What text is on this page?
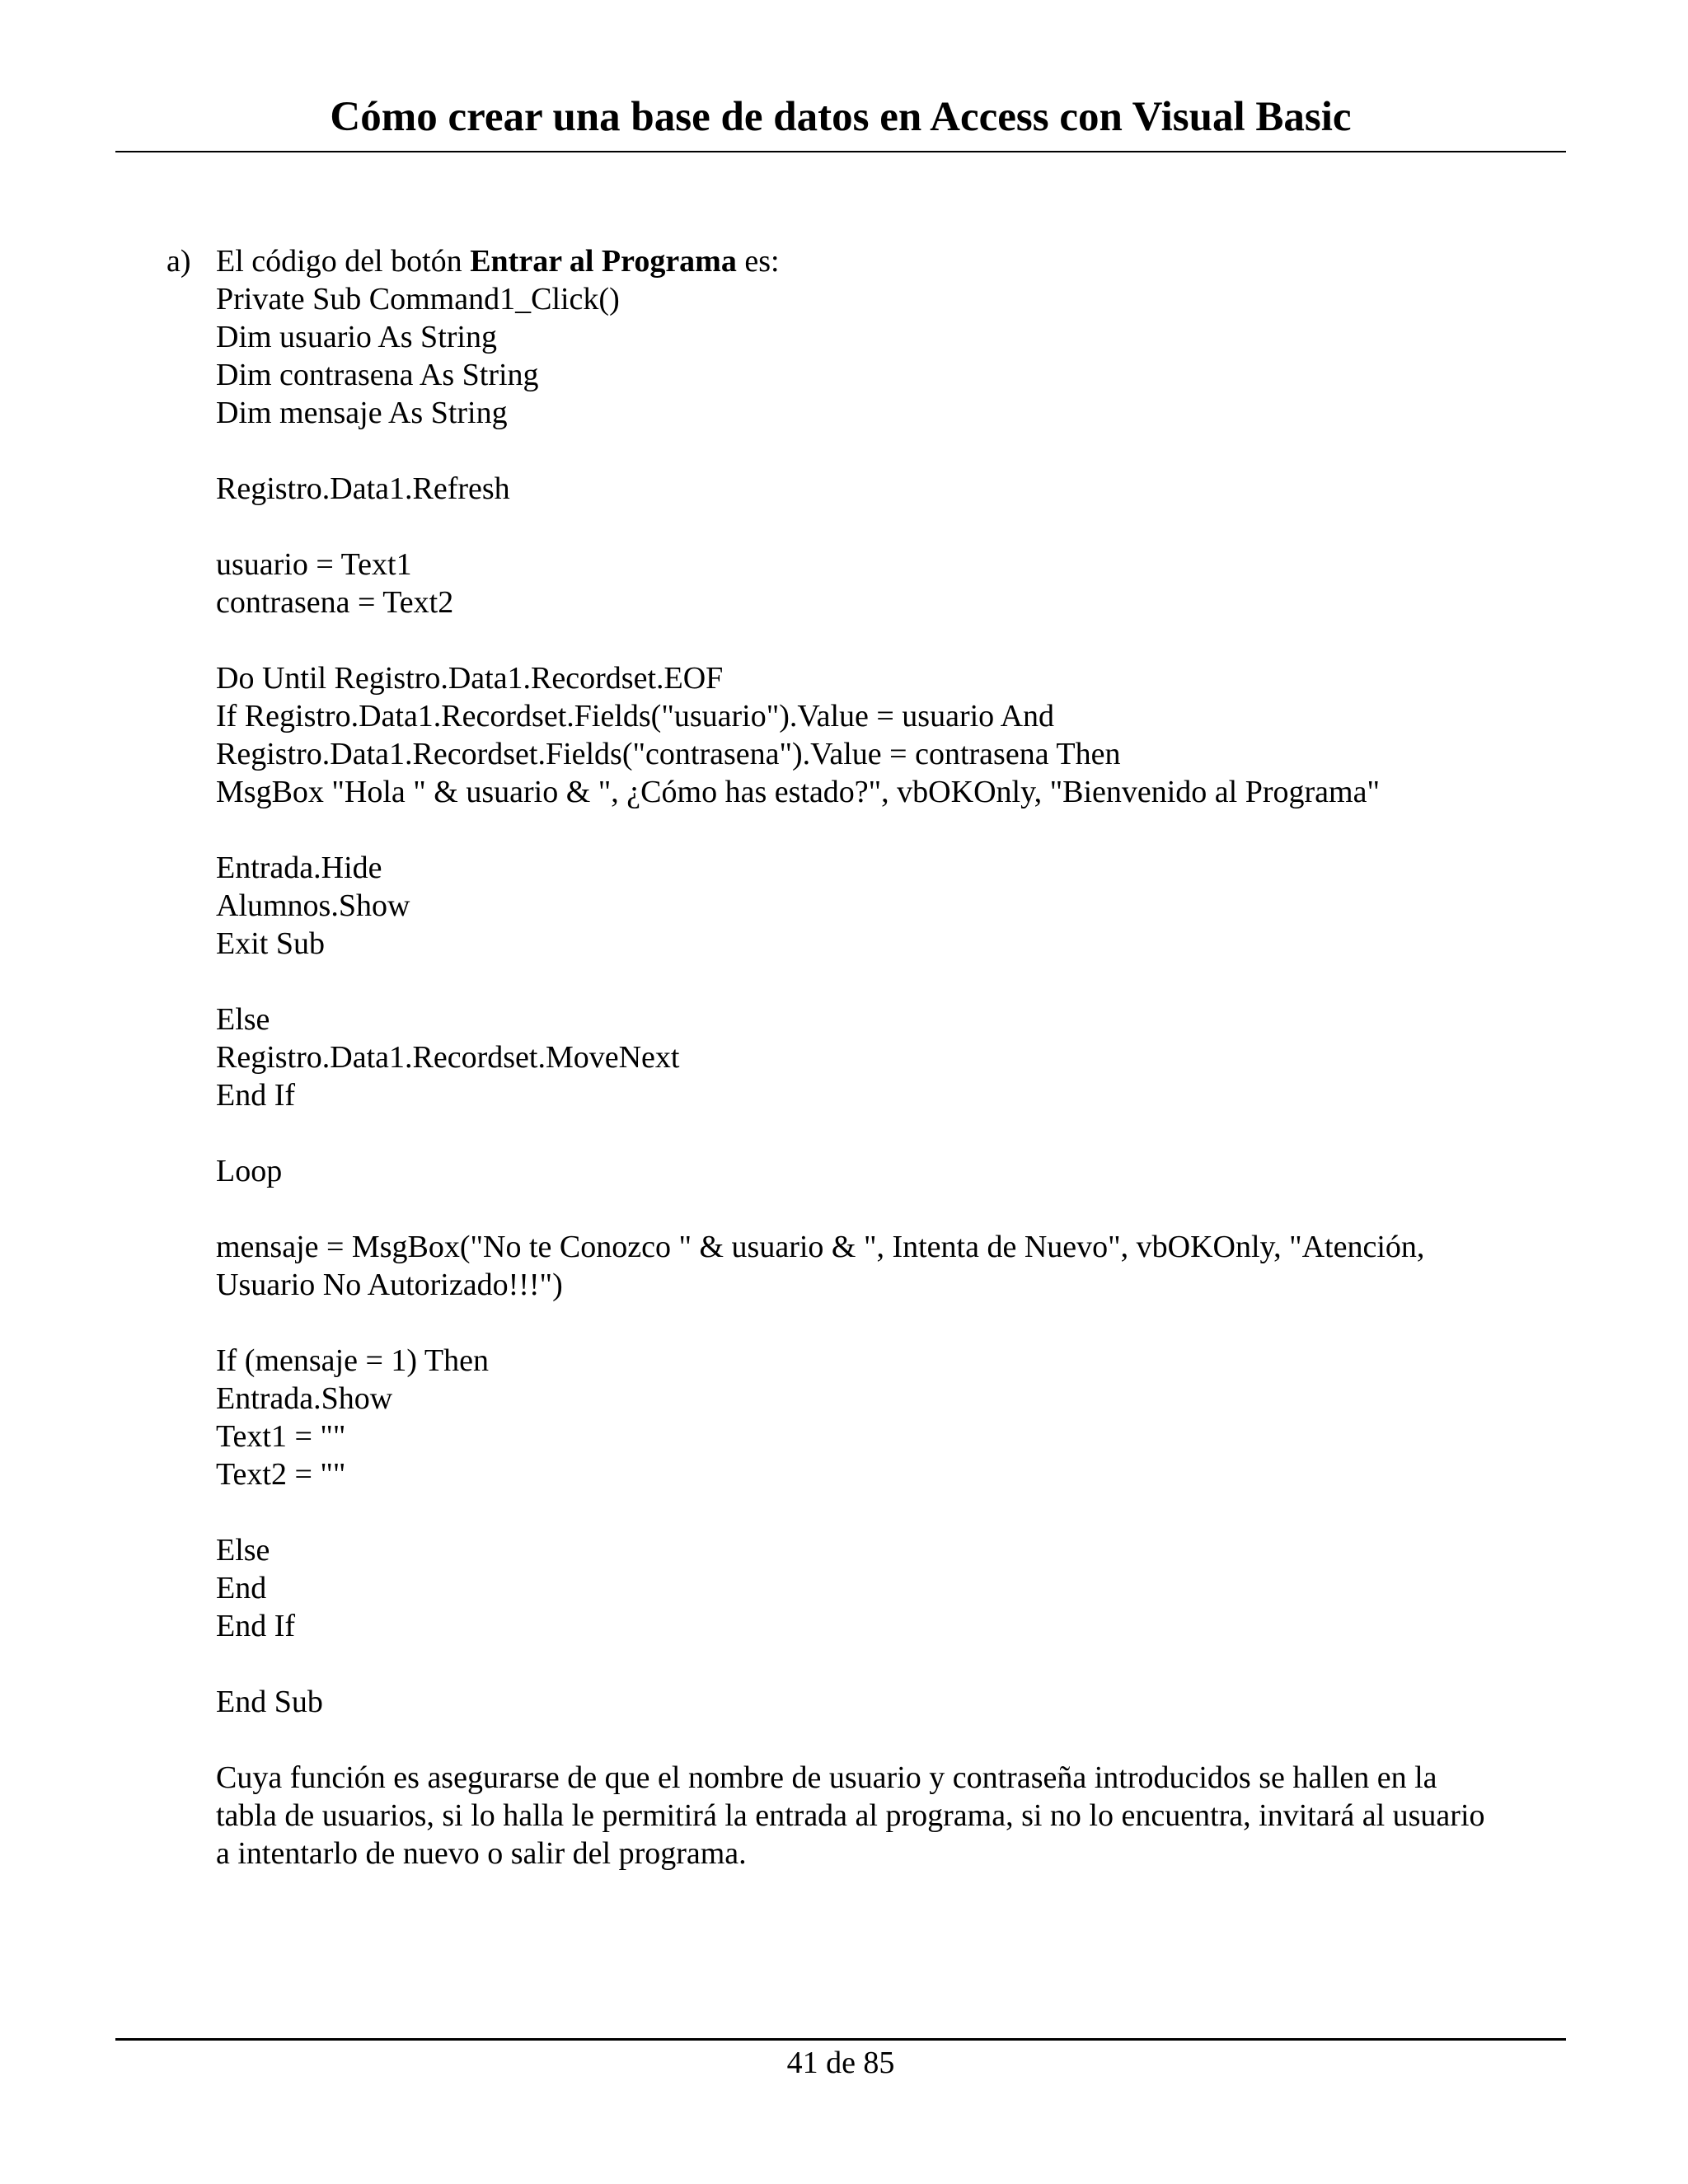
Cómo crear una base de datos en Access con Visual Basic
a) El código del botón Entrar al Programa es:
Private Sub Command1_Click()
Dim usuario As String
Dim contrasena As String
Dim mensaje As String
Registro.Data1.Refresh
usuario = Text1
contrasena = Text2
Do Until Registro.Data1.Recordset.EOF
If Registro.Data1.Recordset.Fields("usuario").Value = usuario And
Registro.Data1.Recordset.Fields("contrasena").Value = contrasena Then
MsgBox "Hola " & usuario & ", ¿Cómo has estado?", vbOKOnly, "Bienvenido al Programa"
Entrada.Hide
Alumnos.Show
Exit Sub
Else
Registro.Data1.Recordset.MoveNext
End If
Loop
mensaje = MsgBox("No te Conozco " & usuario & ", Intenta de Nuevo", vbOKOnly, "Atención,
Usuario No Autorizado!!!")
If (mensaje = 1) Then
Entrada.Show
Text1 = ""
Text2 = ""
Else
End
End If
End Sub
Cuya función es asegurarse de que el nombre de usuario y contraseña introducidos se hallen en la
tabla de usuarios, si lo halla le permitirá la entrada al programa, si no lo encuentra, invitará al usuario
a intentarlo de nuevo o salir del programa.
41 de 85
